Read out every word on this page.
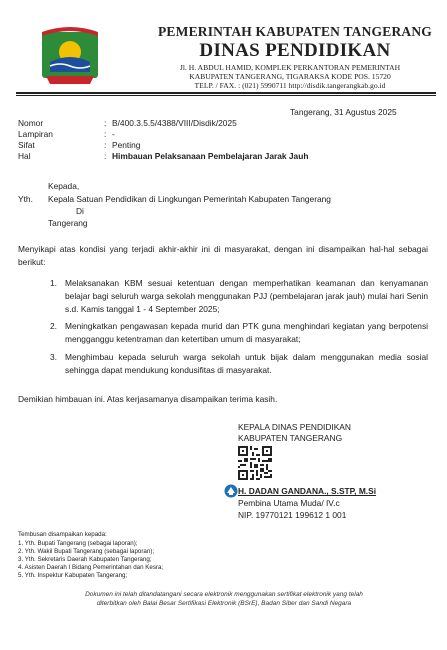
PEMERINTAH KABUPATEN TANGERANG
DINAS PENDIDIKAN
Jl. H. ABDUL HAMID, KOMPLEK PERKANTORAN PEMERINTAH
KABUPATEN TANGERANG, TIGARAKSA KODE POS. 15720
TELP. / FAX. : (021) 5990711 http://disdik.tangerangkab.go.id
Tangerang, 31 Agustus 2025
Nomor	: B/400.3.5.5/4388/VIII/Disdik/2025
Lampiran	: -
Sifat	: Penting
Hal	: Himbauan Pelaksanaan Pembelajaran Jarak Jauh
Kepada,
Yth. Kepala Satuan Pendidikan di Lingkungan Pemerintah Kabupaten Tangerang
Di
Tangerang
Menyikapi atas kondisi yang terjadi akhir-akhir ini di masyarakat, dengan ini disampaikan hal-hal sebagai berikut:
1. Melaksanakan KBM sesuai ketentuan dengan memperhatikan keamanan dan kenyamanan belajar bagi seluruh warga sekolah menggunakan PJJ (pembelajaran jarak jauh) mulai hari Senin s.d. Kamis tanggal 1 - 4 September 2025;
2. Meningkatkan pengawasan kepada murid dan PTK guna menghindari kegiatan yang berpotensi mengganggu ketentraman dan ketertiban umum di masyarakat;
3. Menghimbau kepada seluruh warga sekolah untuk bijak dalam menggunakan media sosial sehingga dapat mendukung kondusifitas di masyarakat.
Demikian himbauan ini. Atas kerjasamanya disampaikan terima kasih.
KEPALA DINAS PENDIDIKAN
KABUPATEN TANGERANG
H. DADAN GANDANA., S.STP, M.Si
Pembina Utama Muda/ IV.c
NIP. 19770121 199612 1 001
Tembusan disampaikan kepada:
1. Yth. Bupati Tangerang (sebagai laporan);
2. Yth. Wakil Bupati Tangerang (sebagai laporan);
3. Yth. Sekretaris Daerah Kabupaten Tangerang;
4. Asisten Daerah I Bidang Pemerintahan dan Kesra;
5. Yth. Inspektur Kabupaten Tangerang;
Dokumen ini telah ditandatangani secara elektronik menggunakan sertifikat elektronik yang telah
diterbitkan oleh Balai Besar Sertifikasi Elektronik (BSrE), Badan Siber dan Sandi Negara
